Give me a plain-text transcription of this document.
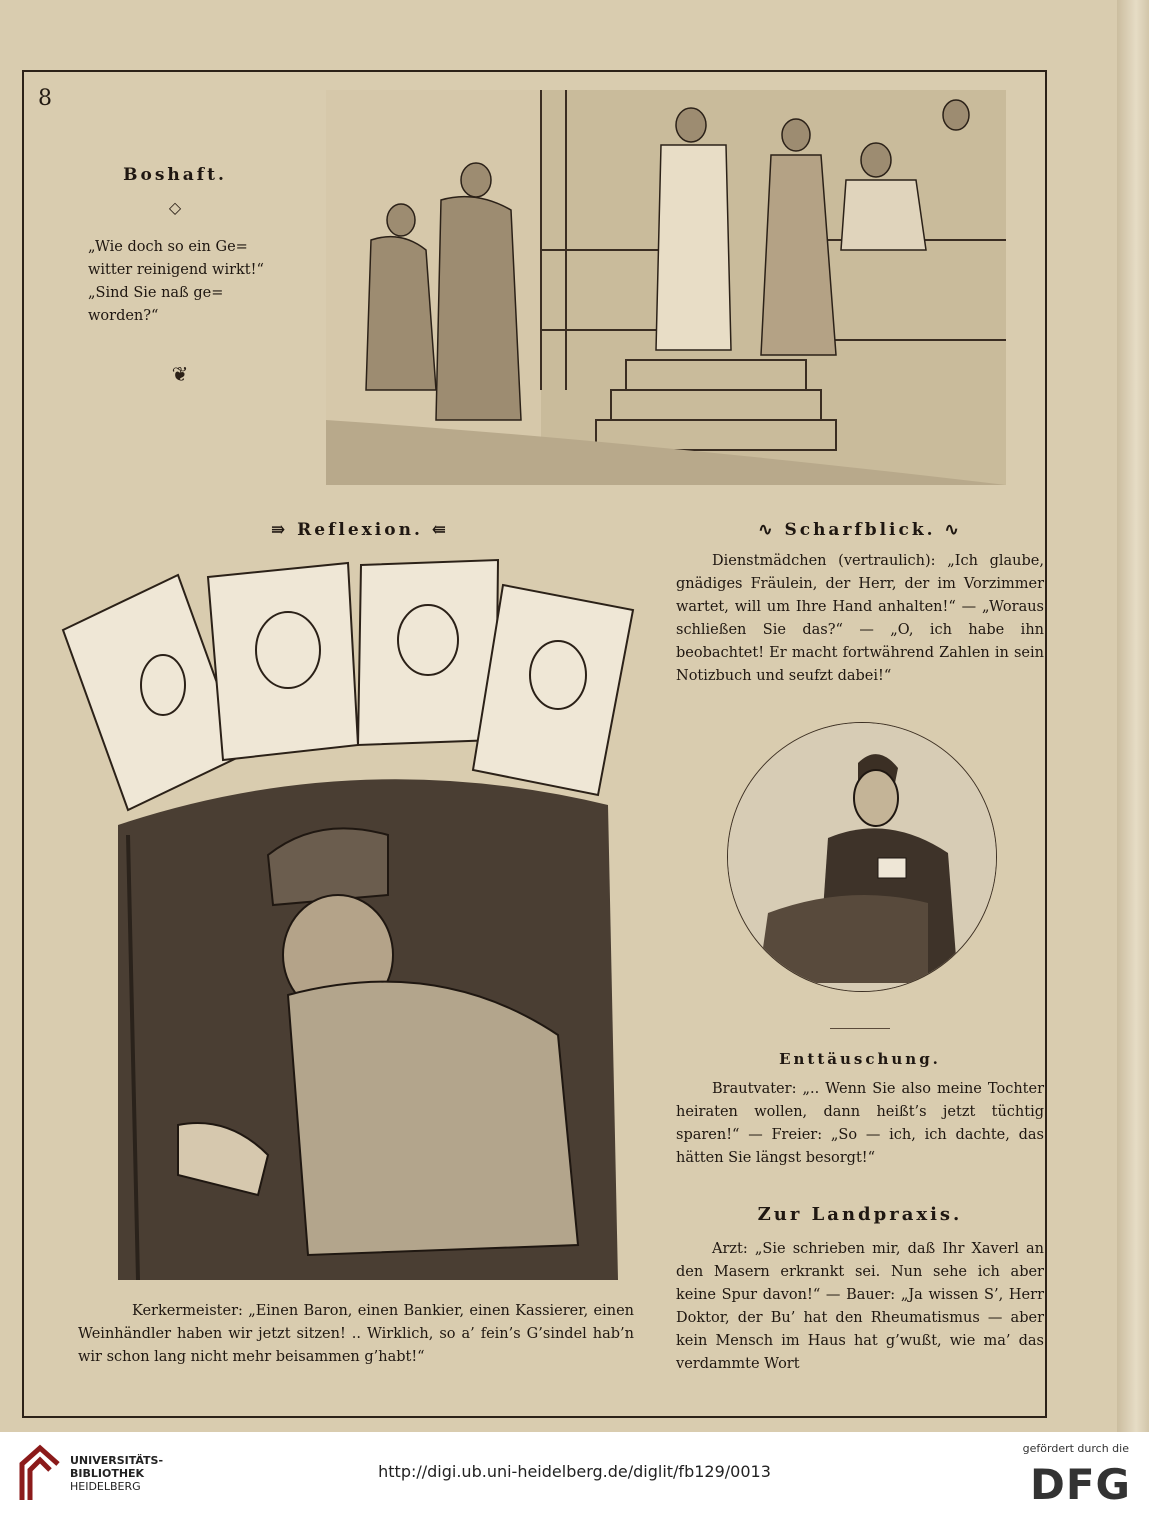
8
Boshaft.
◇

„Wie doch so ein Ge=

witter reinigend wirkt!“

„Sind Sie naß ge=

worden?“

❦
⇛ Reflexion. ⇚
Kerkermeister: „Einen Baron, einen Bankier, einen Kassierer, einen Weinhändler haben wir jetzt sitzen! .. Wirklich, so a’ fein’s G’sindel hab’n wir schon lang nicht mehr beisammen g’habt!“
∿ Scharfblick. ∿
Dienstmädchen (vertraulich): „Ich glaube, gnädiges Fräulein, der Herr, der im Vorzimmer wartet, will um Ihre Hand anhalten!“ — „Woraus schließen Sie das?“ — „O, ich habe ihn beobachtet! Er macht fortwährend Zahlen in sein Notizbuch und seufzt dabei!“
Enttäuschung.
Brautvater: „.. Wenn Sie also meine Tochter heiraten wollen, dann heißt’s jetzt tüchtig sparen!“ — Freier: „So — ich, ich dachte, das hätten Sie längst besorgt!“
Zur Landpraxis.
Arzt: „Sie schrieben mir, daß Ihr Xaverl an den Masern erkrankt sei. Nun sehe ich aber keine Spur davon!“ — Bauer: „Ja wissen S’, Herr Doktor, der Bu’ hat den Rheumatismus — aber kein Mensch im Haus hat g’wußt, wie ma’ das verdammte Wort
UNIVERSITÄTS-
BIBLIOTHEK
HEIDELBERG
http://digi.ub.uni-heidelberg.de/diglit/fb129/0013
gefördert durch die
DFG
